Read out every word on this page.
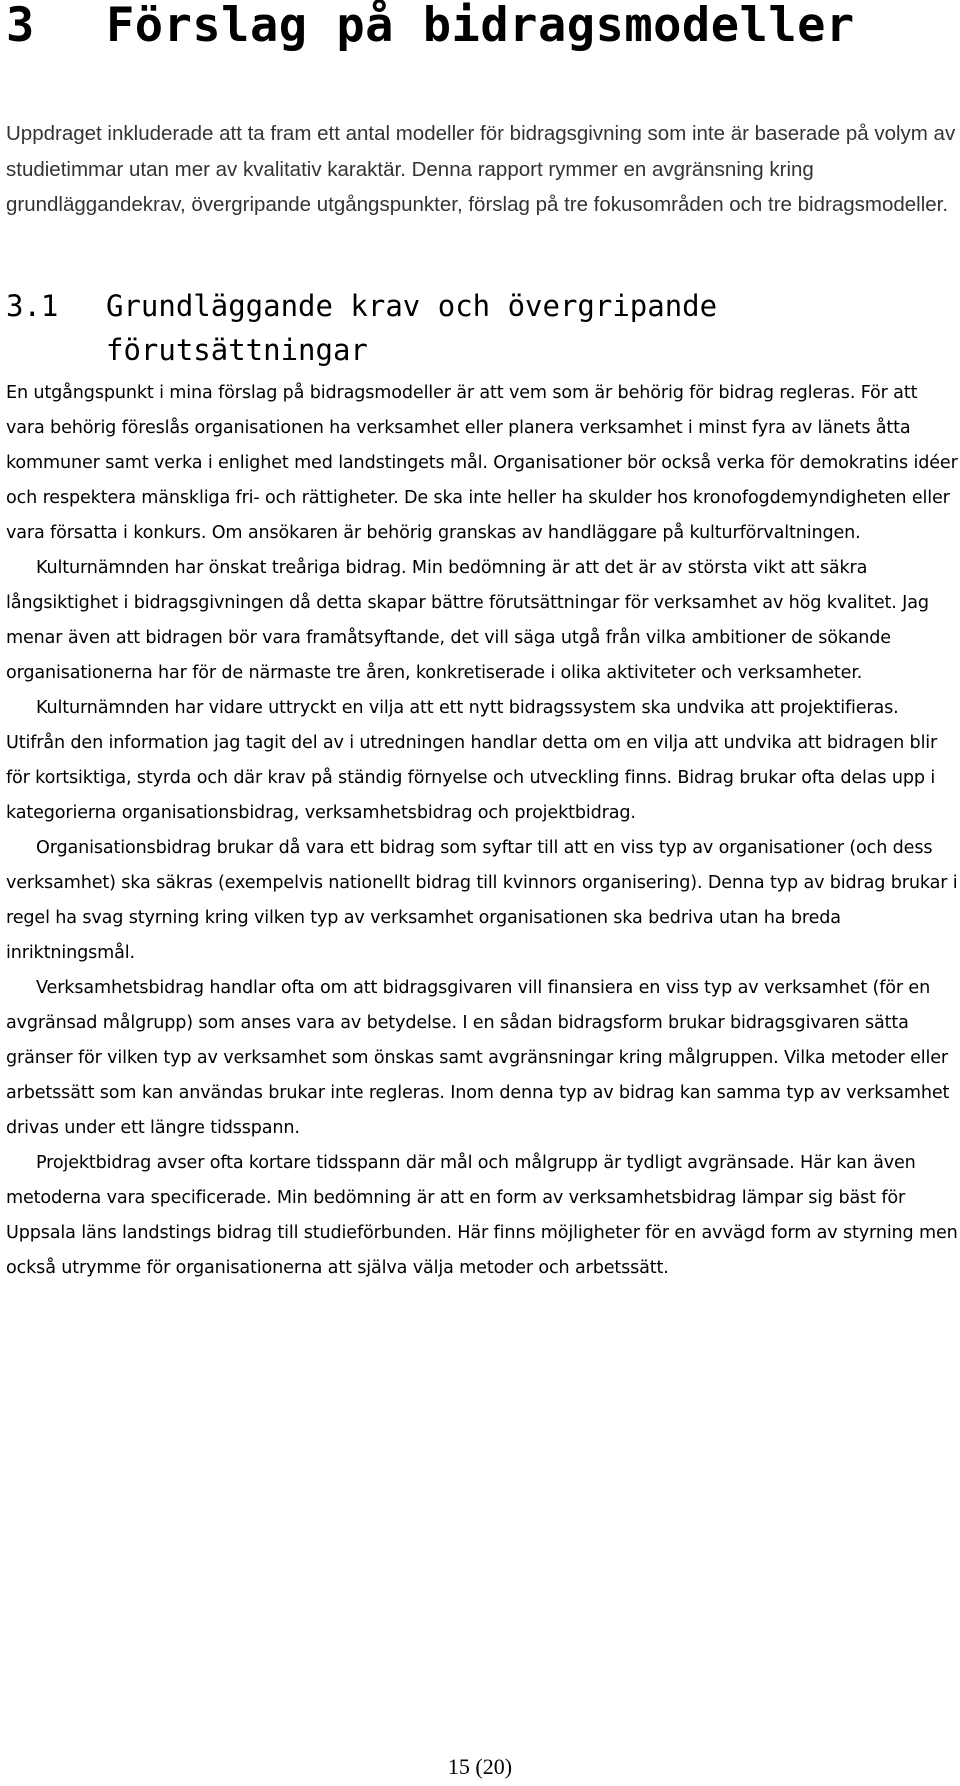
3 Förslag på bidragsmodeller

Uppdraget inkluderade att ta fram ett antal modeller för bidragsgivning som inte är baserade på volym av studietimmar utan mer av kvalitativ karaktär. Denna rapport rymmer en avgränsning kring grundläggandekrav, övergripande utgångspunkter, förslag på tre fokusområden och tre bidragsmodeller.

3.1 Grundläggande krav och övergripande
förutsättningar

En utgångspunkt i mina förslag på bidragsmodeller är att vem som är behörig för bidrag regleras. För att vara behörig föreslås organisationen ha verksamhet eller planera verksamhet i minst fyra av länets åtta kommuner samt verka i enlighet med landstingets mål. Organisationer bör också verka för demokratins idéer och respektera mänskliga fri- och rättigheter. De ska inte heller ha skulder hos kronofogdemyndigheten eller vara försatta i konkurs. Om ansökaren är behörig granskas av handläggare på kulturförvaltningen.

Kulturnämnden har önskat treåriga bidrag. Min bedömning är att det är av största vikt att säkra långsiktighet i bidragsgivningen då detta skapar bättre förutsättningar för verksamhet av hög kvalitet. Jag menar även att bidragen bör vara framåtsyftande, det vill säga utgå från vilka ambitioner de sökande organisationerna har för de närmaste tre åren, konkretiserade i olika aktiviteter och verksamheter.

Kulturnämnden har vidare uttryckt en vilja att ett nytt bidragssystem ska undvika att projektifieras. Utifrån den information jag tagit del av i utredningen handlar detta om en vilja att undvika att bidragen blir för kortsiktiga, styrda och där krav på ständig förnyelse och utveckling finns. Bidrag brukar ofta delas upp i kategorierna organisationsbidrag, verksamhetsbidrag och projektbidrag.

Organisationsbidrag brukar då vara ett bidrag som syftar till att en viss typ av organisationer (och dess verksamhet) ska säkras (exempelvis nationellt bidrag till kvinnors organisering). Denna typ av bidrag brukar i regel ha svag styrning kring vilken typ av verksamhet organisationen ska bedriva utan ha breda inriktningsmål.

Verksamhetsbidrag handlar ofta om att bidragsgivaren vill finansiera en viss typ av verksamhet (för en avgränsad målgrupp) som anses vara av betydelse. I en sådan bidragsform brukar bidragsgivaren sätta gränser för vilken typ av verksamhet som önskas samt avgränsningar kring målgruppen. Vilka metoder eller arbetssätt som kan användas brukar inte regleras. Inom denna typ av bidrag kan samma typ av verksamhet drivas under ett längre tidsspann.

Projektbidrag avser ofta kortare tidsspann där mål och målgrupp är tydligt avgränsade. Här kan även metoderna vara specificerade. Min bedömning är att en form av verksamhetsbidrag lämpar sig bäst för Uppsala läns landstings bidrag till studieförbunden. Här finns möjligheter för en avvägd form av styrning men också utrymme för organisationerna att själva välja metoder och arbetssätt.

15 (20)
